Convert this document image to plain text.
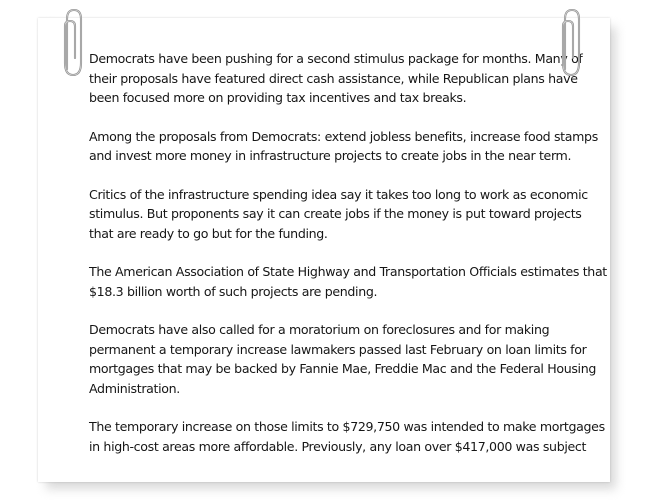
Democrats have been pushing for a second stimulus package for months. Many of their proposals have featured direct cash assistance, while Republican plans have been focused more on providing tax incentives and tax breaks.

Among the proposals from Democrats: extend jobless benefits, increase food stamps and invest more money in infrastructure projects to create jobs in the near term.

Critics of the infrastructure spending idea say it takes too long to work as economic stimulus. But proponents say it can create jobs if the money is put toward projects that are ready to go but for the funding.

The American Association of State Highway and Transportation Officials estimates that $18.3 billion worth of such projects are pending.

Democrats have also called for a moratorium on foreclosures and for making permanent a temporary increase lawmakers passed last February on loan limits for mortgages that may be backed by Fannie Mae, Freddie Mac and the Federal Housing Administration.

The temporary increase on those limits to $729,750 was intended to make mortgages in high-cost areas more affordable. Previously, any loan over $417,000 was subject
